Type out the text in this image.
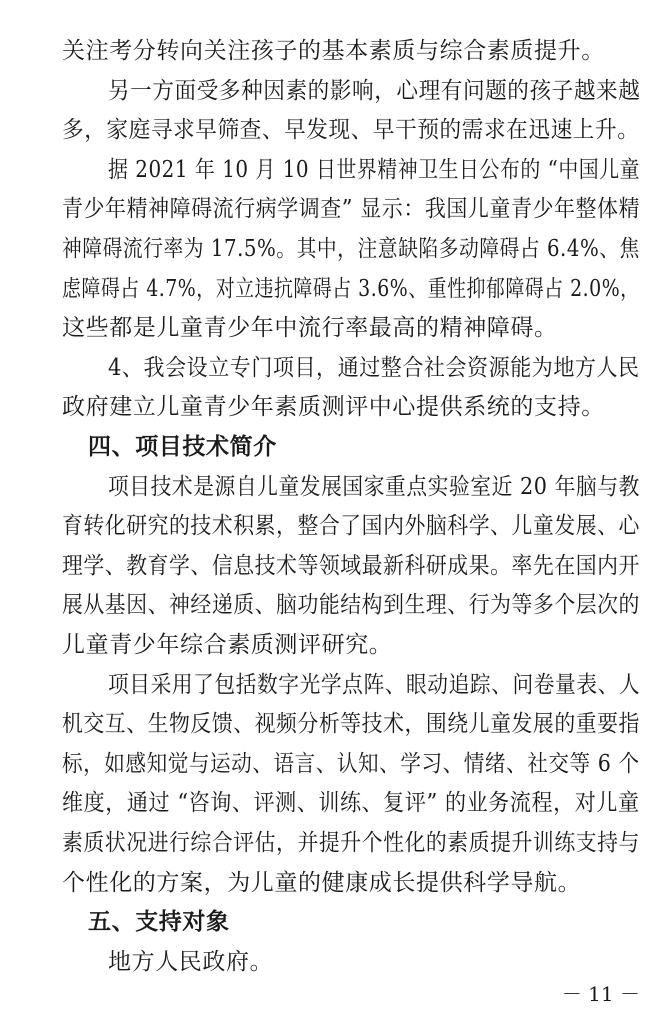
关注考分转向关注孩子的基本素质与综合素质提升。
另一方面受多种因素的影响，心理有问题的孩子越来越
多，家庭寻求早筛查、早发现、早干预的需求在迅速上升。
据 2021 年 10 月 10 日世界精神卫生日公布的 “中国儿童
青少年精神障碍流行病学调查” 显示：我国儿童青少年整体精
神障碍流行率为 17.5%。其中，注意缺陷多动障碍占 6.4%、焦
虑障碍占 4.7%，对立违抗障碍占 3.6%、重性抑郁障碍占 2.0%，
这些都是儿童青少年中流行率最高的精神障碍。
4、我会设立专门项目，通过整合社会资源能为地方人民
政府建立儿童青少年素质测评中心提供系统的支持。
四、项目技术简介
项目技术是源自儿童发展国家重点实验室近 20 年脑与教
育转化研究的技术积累，整合了国内外脑科学、儿童发展、心
理学、教育学、信息技术等领域最新科研成果。率先在国内开
展从基因、神经递质、脑功能结构到生理、行为等多个层次的
儿童青少年综合素质测评研究。
项目采用了包括数字光学点阵、眼动追踪、问卷量表、人
机交互、生物反馈、视频分析等技术，围绕儿童发展的重要指
标，如感知觉与运动、语言、认知、学习、情绪、社交等 6 个
维度，通过 “咨询、评测、训练、复评” 的业务流程，对儿童
素质状况进行综合评估，并提升个性化的素质提升训练支持与
个性化的方案，为儿童的健康成长提供科学导航。
五、支持对象
地方人民政府。
－ 11 －
